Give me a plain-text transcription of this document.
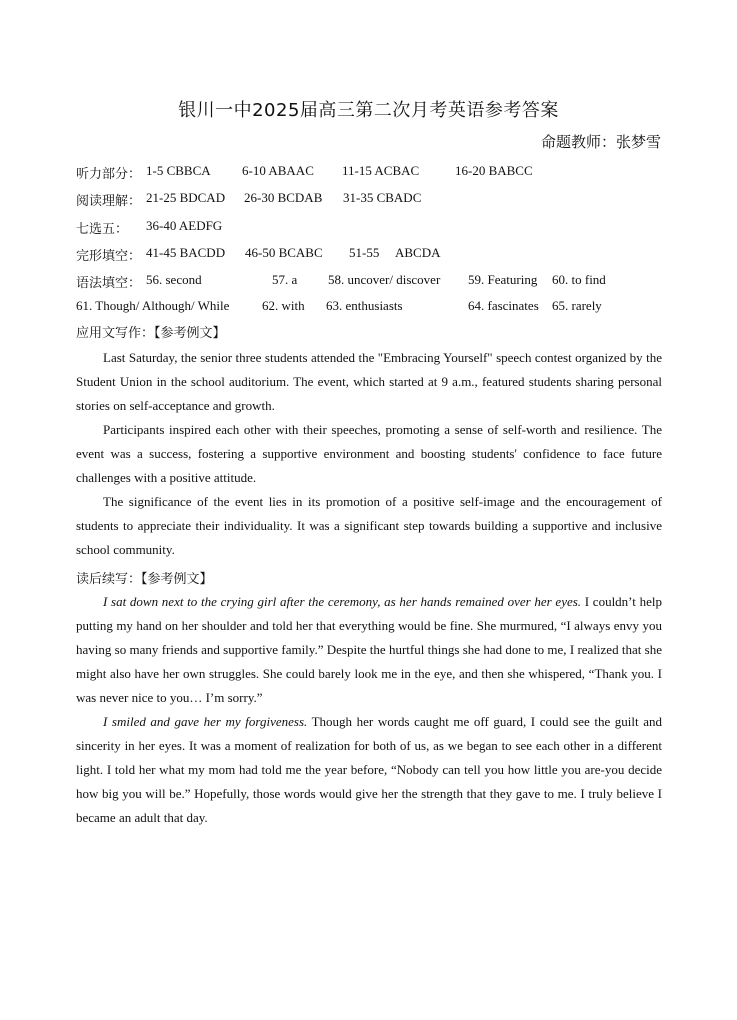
银川一中2025届高三第二次月考英语参考答案
命题教师：张梦雪
听力部分： 1-5 CBBCA 6-10 ABAAC 11-15 ACBAC	16-20 BABCC
阅读理解： 21-25 BDCAD 26-30 BCDAB 31-35 CBADC
七选五： 36-40 AEDFG
完形填空： 41-45 BACDD 46-50 BCABC 51-55 ABCDA
语法填空： 56. second	57. a 58. uncover/ discover 59. Featuring 60. to find
61. Though/ Although/ While	62. with 63. enthusiasts	64. fascinates 65. rarely
应用文写作：【参考例文】

Last Saturday, the senior three students attended the "Embracing Yourself" speech contest organized by the Student Union in the school auditorium. The event, which started at 9 a.m., featured students sharing personal stories on self-acceptance and growth.

Participants inspired each other with their speeches, promoting a sense of self-worth and resilience. The event was a success, fostering a supportive environment and boosting students' confidence to face future challenges with a positive attitude.

The significance of the event lies in its promotion of a positive self-image and the encouragement of students to appreciate their individuality. It was a significant step towards building a supportive and inclusive school community.

读后续写：【参考例文】

I sat down next to the crying girl after the ceremony, as her hands remained over her eyes. I couldn’t help putting my hand on her shoulder and told her that everything would be fine. She murmured, “I always envy you having so many friends and supportive family.” Despite the hurtful things she had done to me, I realized that she might also have her own struggles. She could barely look me in the eye, and then she whispered, “Thank you. I was never nice to you… I’m sorry.”

I smiled and gave her my forgiveness. Though her words caught me off guard, I could see the guilt and sincerity in her eyes. It was a moment of realization for both of us, as we began to see each other in a different light. I told her what my mom had told me the year before, “Nobody can tell you how little you are-you decide how big you will be.” Hopefully, those words would give her the strength that they gave to me. I truly believe I became an adult that day.
